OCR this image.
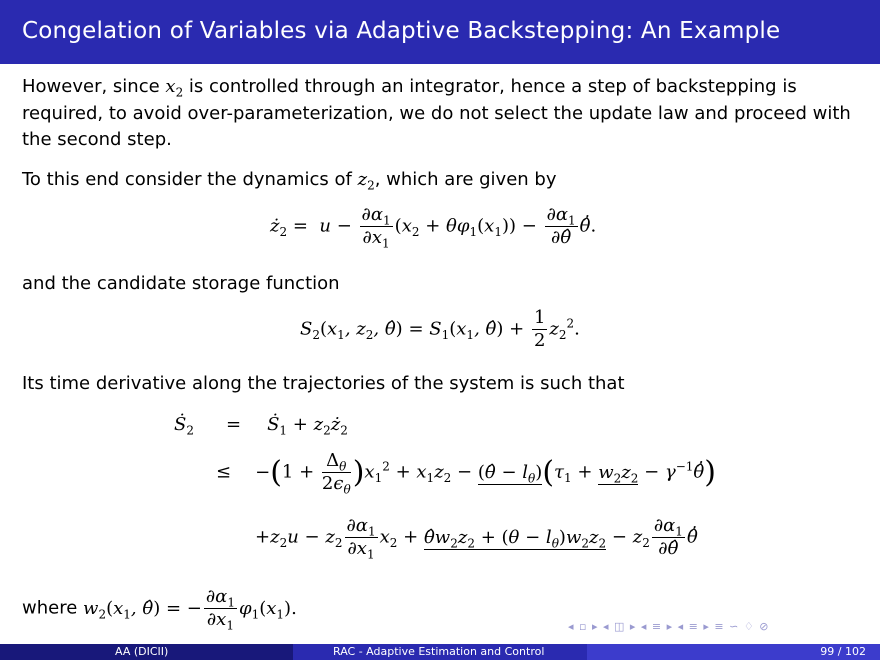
Congelation of Variables via Adaptive Backstepping: An Example
However, since $x_2$ is controlled through an integrator, hence a step of backstepping is required, to avoid over-parameterization, we do not select the update law and proceed with the second step.
To this end consider the dynamics of $z_2$, which are given by
$ż_2 = u - \frac{\partial\alpha_1}{\partial x_1} (x_2 + \theta\varphi_1(x_1)) - \frac{\partial\alpha_1}{\partial\thetâ}$ θ̂̇.
and the candidate storage function
$S_2(x_1$, $z_2$, θ̂) = $S_1(x_1$, θ̂) + $\frac{1}{2} z_2^2$.
Its time derivative along the trajectories of the system is such that
Ṡ$_2$ = Ṡ$_1$ + $z_2ż_2$
≤ $-(1 + \frac{\Delta_\theta}{2\epsilon_\theta} )x_1^2 + x_1z_2$ − (θ̂ − $l_\theta)(\tau_1 + w_2z_2$ − $\gamma^{-1}\thetâ̇$)
$+z_2u - z_2 \frac{\partial\alpha_1}{\partial x_1} x_2$ + $\thetâw_2z_2 + (\theta - l_\theta)w_2z_2 - z_2 \frac{\partial\alpha_1}{\partial\thetâ}$ θ̂̇
where $w_2(x_1$, θ̂) = − $\frac{\partial\alpha_1}{\partial x_1} \varphi_1(x_1)$.
◂ ▫ ▸ ◂ ◫ ▸ ◂ ≡ ▸ ◂ ≡ ▸ ≡ ∽ ♢ ⊘
AA (DICII)	RAC - Adaptive Estimation and Control	99 / 102
